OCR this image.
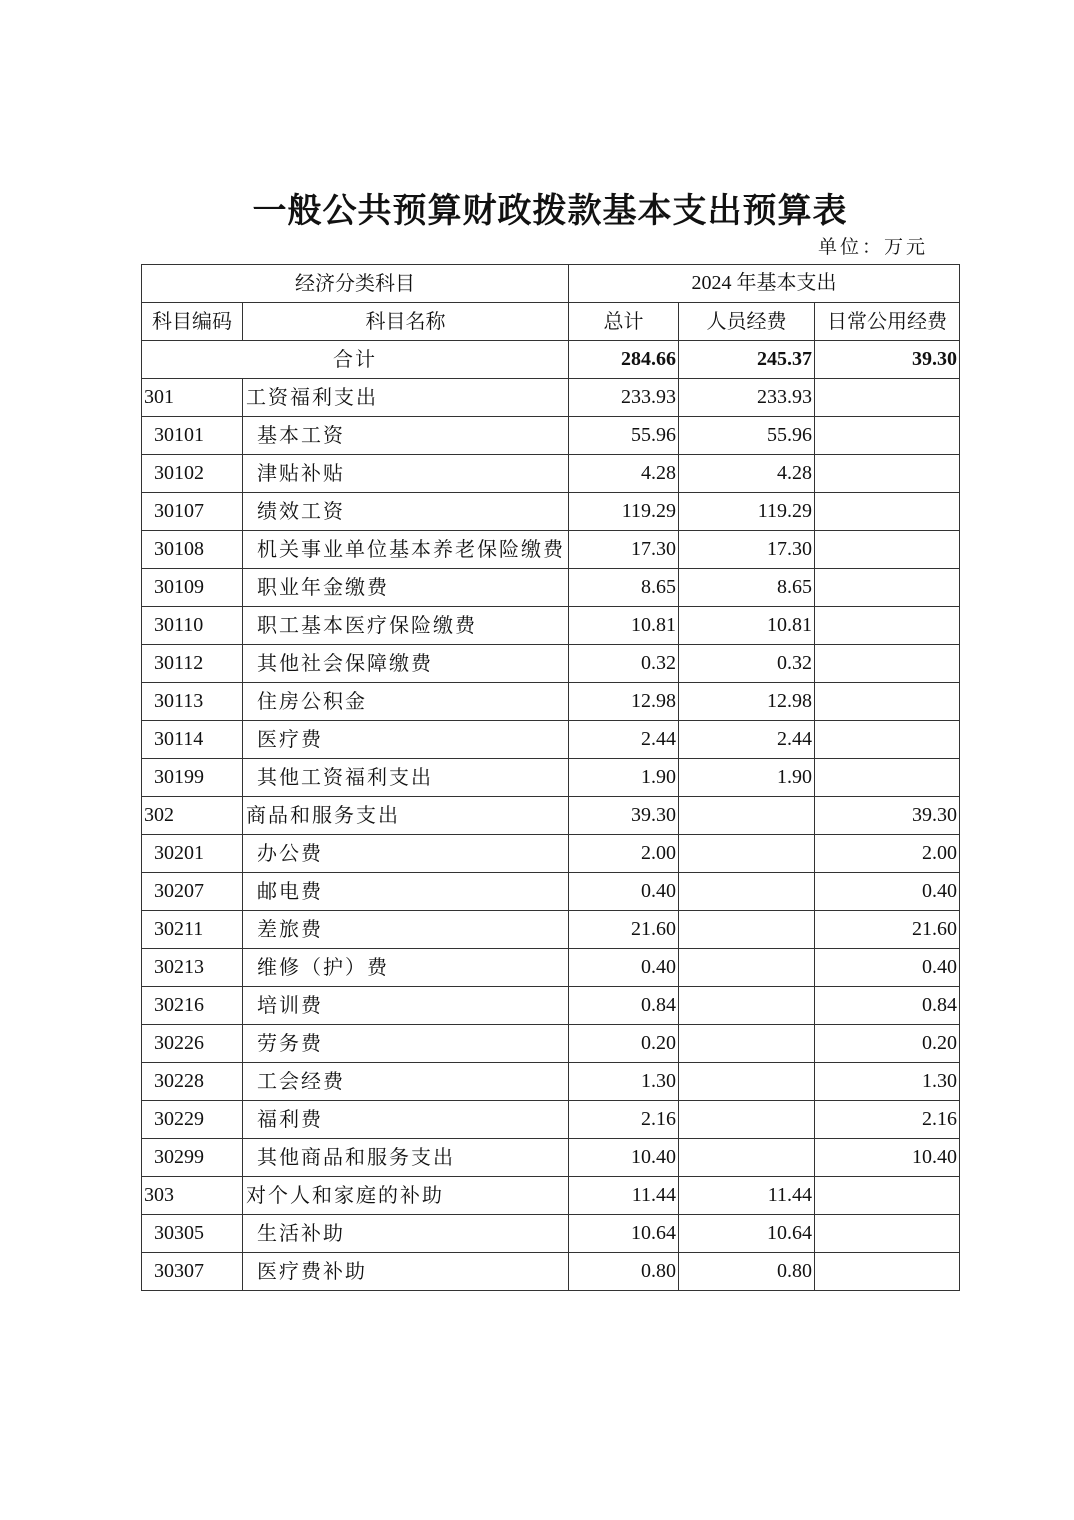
一般公共预算财政拨款基本支出预算表
单位：万元
经济分类科目		2024 年基本支出		
科目编码	科目名称	总计	人员经费	日常公用经费
合计		284.66	245.37	39.30
301	工资福利支出	233.93	233.93	
30101	基本工资	55.96	55.96	
30102	津贴补贴	4.28	4.28	
30107	绩效工资	119.29	119.29	
30108	机关事业单位基本养老保险缴费	17.30	17.30	
30109	职业年金缴费	8.65	8.65	
30110	职工基本医疗保险缴费	10.81	10.81	
30112	其他社会保障缴费	0.32	0.32	
30113	住房公积金	12.98	12.98	
30114	医疗费	2.44	2.44	
30199	其他工资福利支出	1.90	1.90	
302	商品和服务支出	39.30		39.30
30201	办公费	2.00		2.00
30207	邮电费	0.40		0.40
30211	差旅费	21.60		21.60
30213	维修（护）费	0.40		0.40
30216	培训费	0.84		0.84
30226	劳务费	0.20		0.20
30228	工会经费	1.30		1.30
30229	福利费	2.16		2.16
30299	其他商品和服务支出	10.40		10.40
303	对个人和家庭的补助	11.44	11.44	
30305	生活补助	10.64	10.64	
30307	医疗费补助	0.80	0.80	
